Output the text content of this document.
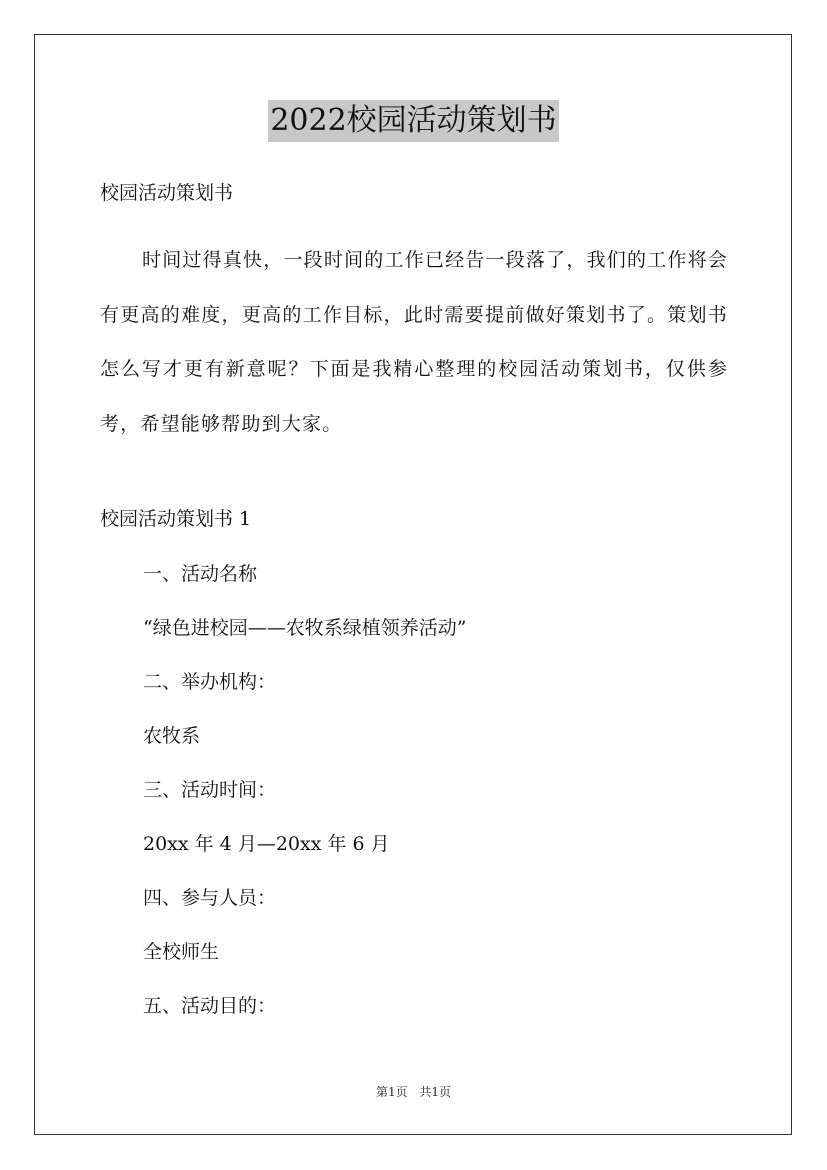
2022校园活动策划书
校园活动策划书
时间过得真快，一段时间的工作已经告一段落了，我们的工作将会有更高的难度，更高的工作目标，此时需要提前做好策划书了。策划书怎么写才更有新意呢？下面是我精心整理的校园活动策划书，仅供参考，希望能够帮助到大家。
校园活动策划书 1
一、活动名称
“绿色进校园——农牧系绿植领养活动”
二、举办机构：
农牧系
三、活动时间：
20xx 年 4 月—20xx 年 6 月
四、参与人员：
全校师生
五、活动目的：
第1页 共1页
